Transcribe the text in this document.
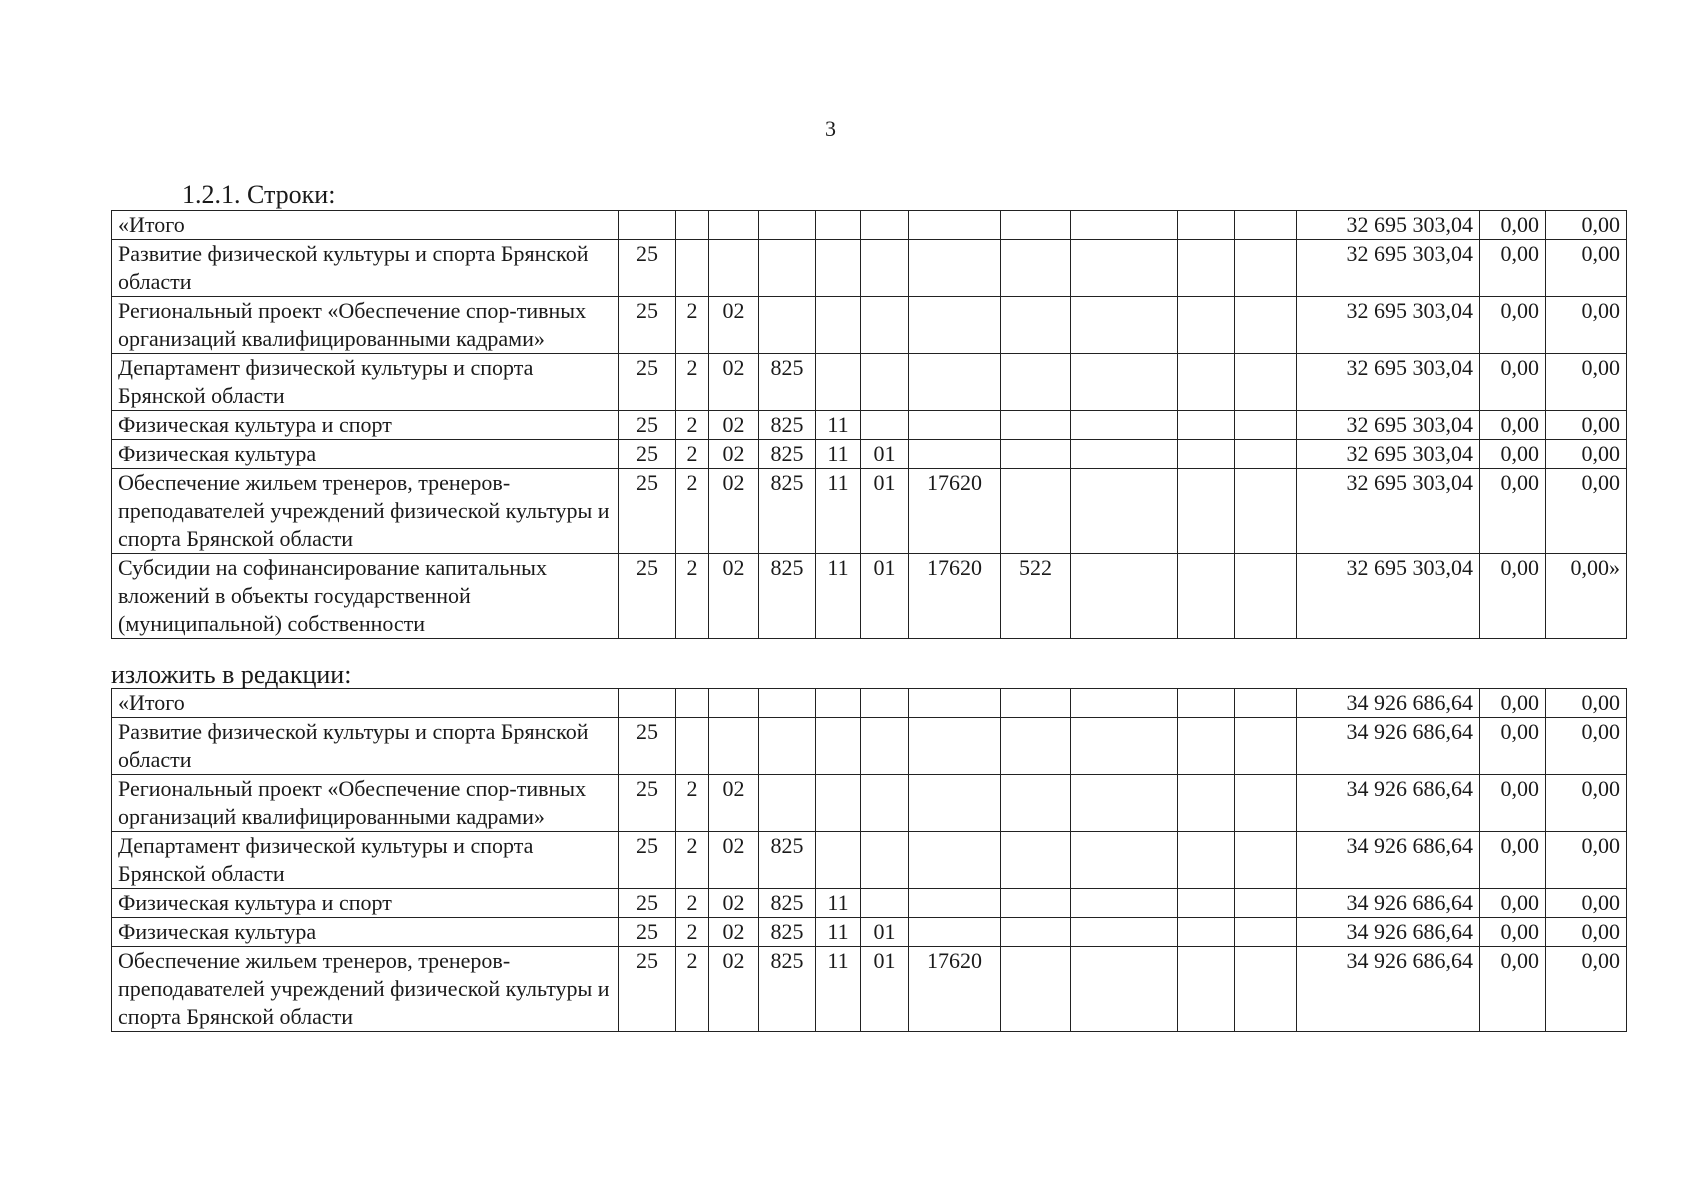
3
1.2.1. Строки:
«Итого												32 695 303,04	0,00	0,00
Развитие физической культуры и спорта Брянской области	25											32 695 303,04	0,00	0,00
Региональный проект «Обеспечение спор-тивных организаций квалифицированными кадрами»	25	2	02									32 695 303,04	0,00	0,00
Департамент физической культуры и спорта Брянской области	25	2	02	825								32 695 303,04	0,00	0,00
Физическая культура и спорт	25	2	02	825	11							32 695 303,04	0,00	0,00
Физическая культура	25	2	02	825	11	01						32 695 303,04	0,00	0,00
Обеспечение жильем тренеров, тренеров-преподавателей учреждений физической культуры и спорта Брянской области	25	2	02	825	11	01	17620					32 695 303,04	0,00	0,00
Субсидии на софинансирование капитальных вложений в объекты государственной (муниципальной) собственности	25	2	02	825	11	01	17620	522				32 695 303,04	0,00	0,00»
изложить в редакции:
«Итого												34 926 686,64	0,00	0,00
Развитие физической культуры и спорта Брянской области	25											34 926 686,64	0,00	0,00
Региональный проект «Обеспечение спор-тивных организаций квалифицированными кадрами»	25	2	02									34 926 686,64	0,00	0,00
Департамент физической культуры и спорта Брянской области	25	2	02	825								34 926 686,64	0,00	0,00
Физическая культура и спорт	25	2	02	825	11							34 926 686,64	0,00	0,00
Физическая культура	25	2	02	825	11	01						34 926 686,64	0,00	0,00
Обеспечение жильем тренеров, тренеров-преподавателей учреждений физической культуры и спорта Брянской области	25	2	02	825	11	01	17620					34 926 686,64	0,00	0,00
